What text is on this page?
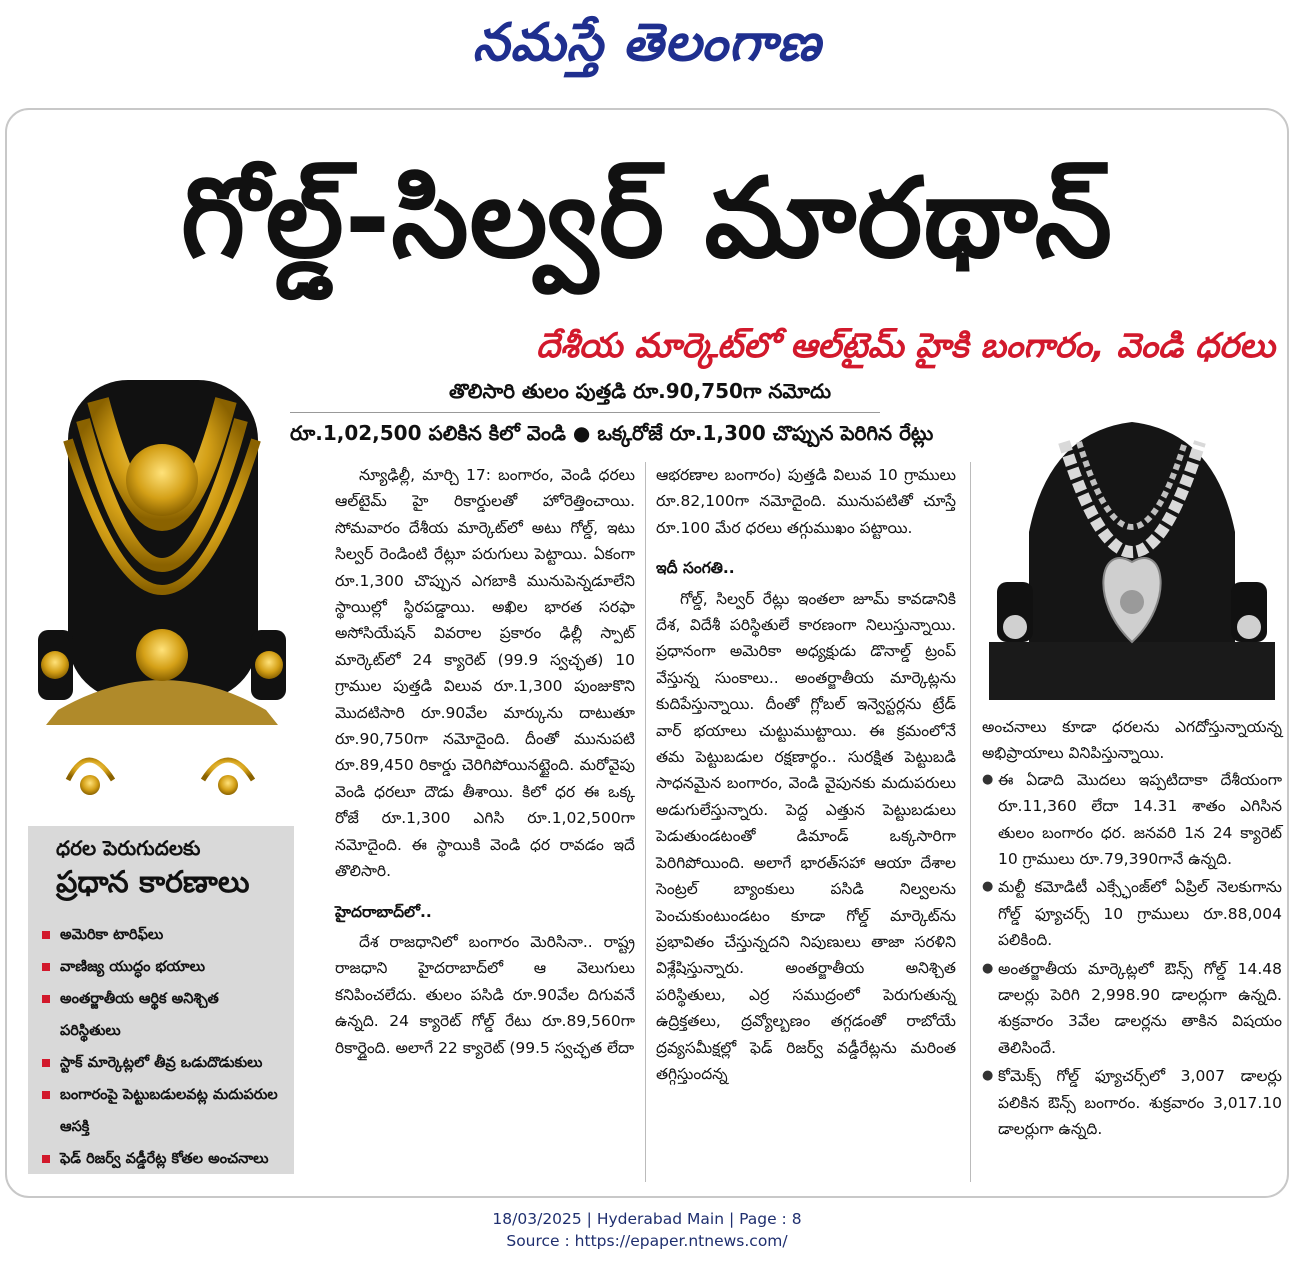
నమస్తే తెలంగాణ
గోల్డ్-సిల్వర్ మారథాన్
దేశీయ మార్కెట్‌లో ఆల్‌టైమ్ హైకి బంగారం, వెండి ధరలు
తొలిసారి తులం పుత్తడి రూ.90,750గా నమోదు
రూ.1,02,500 పలికిన కిలో వెండి ● ఒక్కరోజే రూ.1,300 చొప్పున పెరిగిన రేట్లు
ధరల పెరుగుదలకు
ప్రధాన కారణాలు
అమెరికా టారిఫ్‌లు
వాణిజ్య యుద్ధం భయాలు
అంతర్జాతీయ ఆర్థిక అనిశ్చిత పరిస్థితులు
స్టాక్ మార్కెట్లలో తీవ్ర ఒడుదొడుకులు
బంగారంపై పెట్టుబడులవట్ల మదుపరుల ఆసక్తి
ఫెడ్ రిజర్వ్ వడ్డీరేట్ల కోతల అంచనాలు

న్యూఢిల్లీ, మార్చి 17: బంగారం, వెండి ధరలు ఆల్‌టైమ్ హై రికార్డులతో హోరెత్తించాయి. సోమవారం దేశీయ మార్కెట్‌లో అటు గోల్డ్, ఇటు సిల్వర్ రెండింటి రేట్లూ పరుగులు పెట్టాయి. ఏకంగా రూ.1,300 చొప్పున ఎగబాకి మునుపెన్నడూలేని స్థాయిల్లో స్థిరపడ్డాయి. అఖిల భారత సరఫా అసోసియేషన్ వివరాల ప్రకారం ఢిల్లీ స్పాట్ మార్కెట్‌లో 24 క్యారెట్ (99.9 స్వచ్ఛత) 10 గ్రాముల పుత్తడి విలువ రూ.1,300 పుంజుకొని మొదటిసారి రూ.90వేల మార్కును దాటుతూ రూ.90,750గా నమోదైంది. దీంతో మునుపటి రూ.89,450 రికార్డు చెరిగిపోయినట్టైంది. మరోవైపు వెండి ధరలూ దౌడు తీశాయి. కిలో ధర ఈ ఒక్క రోజే రూ.1,300 ఎగిసి రూ.1,02,500గా నమోదైంది. ఈ స్థాయికి వెండి ధర రావడం ఇదే తొలిసారి.

హైదరాబాద్‌లో..

దేశ రాజధానిలో బంగారం మెరిసినా.. రాష్ట్ర రాజధాని హైదరాబాద్‌లో ఆ వెలుగులు కనిపించలేదు. తులం పసిడి రూ.90వేల దిగువనే ఉన్నది. 24 క్యారెట్ గోల్డ్ రేటు రూ.89,560గా రికార్డైంది. అలాగే 22 క్యారెట్ (99.5 స్వచ్ఛత లేదా

ఆభరణాల బంగారం) పుత్తడి విలువ 10 గ్రాములు రూ.82,100గా నమోదైంది. మునుపటితో చూస్తే రూ.100 మేర ధరలు తగ్గుముఖం పట్టాయి.

ఇదీ సంగతి..

గోల్డ్, సిల్వర్ రేట్లు ఇంతలా జూమ్ కావడానికి దేశ, విదేశీ పరిస్థితులే కారణంగా నిలుస్తున్నాయి. ప్రధానంగా అమెరికా అధ్యక్షుడు డొనాల్డ్ ట్రంప్ వేస్తున్న సుంకాలు.. అంతర్జాతీయ మార్కెట్లను కుదిపేస్తున్నాయి. దీంతో గ్లోబల్ ఇన్వెస్టర్లను ట్రేడ్ వార్ భయాలు చుట్టుముట్టాయి. ఈ క్రమంలోనే తమ పెట్టుబడుల రక్షణార్థం.. సురక్షిత పెట్టుబడి సాధనమైన బంగారం, వెండి వైపునకు మదుపరులు అడుగులేస్తున్నారు. పెద్ద ఎత్తున పెట్టుబడులు పెడుతుండటంతో డిమాండ్ ఒక్కసారిగా పెరిగిపోయింది. అలాగే భారత్‌సహా ఆయా దేశాల సెంట్రల్ బ్యాంకులు పసిడి నిల్వలను పెంచుకుంటుండటం కూడా గోల్డ్ మార్కెట్‌ను ప్రభావితం చేస్తున్నదని నిపుణులు తాజా సరళిని విశ్లేషిస్తున్నారు. అంతర్జాతీయ అనిశ్చిత పరిస్థితులు, ఎర్ర సముద్రంలో పెరుగుతున్న ఉద్రిక్తతలు, ద్రవ్యోల్బణం తగ్గడంతో రాబోయే ద్రవ్యసమీక్షల్లో ఫెడ్ రిజర్వ్ వడ్డీరేట్లను మరింత తగ్గిస్తుందన్న

అంచనాలు కూడా ధరలను ఎగదోస్తున్నాయన్న అభిప్రాయాలు వినిపిస్తున్నాయి.

● ఈ ఏడాది మొదలు ఇప్పటిదాకా దేశీయంగా రూ.11,360 లేదా 14.31 శాతం ఎగిసిన తులం బంగారం ధర. జనవరి 1న 24 క్యారెట్ 10 గ్రాములు రూ.79,390గానే ఉన్నది.
● మల్టీ కమోడిటీ ఎక్స్ఛేంజ్‌లో ఏప్రిల్ నెలకుగాను గోల్డ్ ఫ్యూచర్స్ 10 గ్రాములు రూ.88,004 పలికింది.
● అంతర్జాతీయ మార్కెట్లలో ఔన్స్ గోల్డ్ 14.48 డాలర్లు పెరిగి 2,998.90 డాలర్లుగా ఉన్నది. శుక్రవారం 3వేల డాలర్లను తాకిన విషయం తెలిసిందే.
● కోమెక్స్ గోల్డ్ ఫ్యూచర్స్‌లో 3,007 డాలర్లు పలికిన ఔన్స్ బంగారం. శుక్రవారం 3,017.10 డాలర్లుగా ఉన్నది.
18/03/2025 | Hyderabad Main | Page : 8
Source : https://epaper.ntnews.com/
